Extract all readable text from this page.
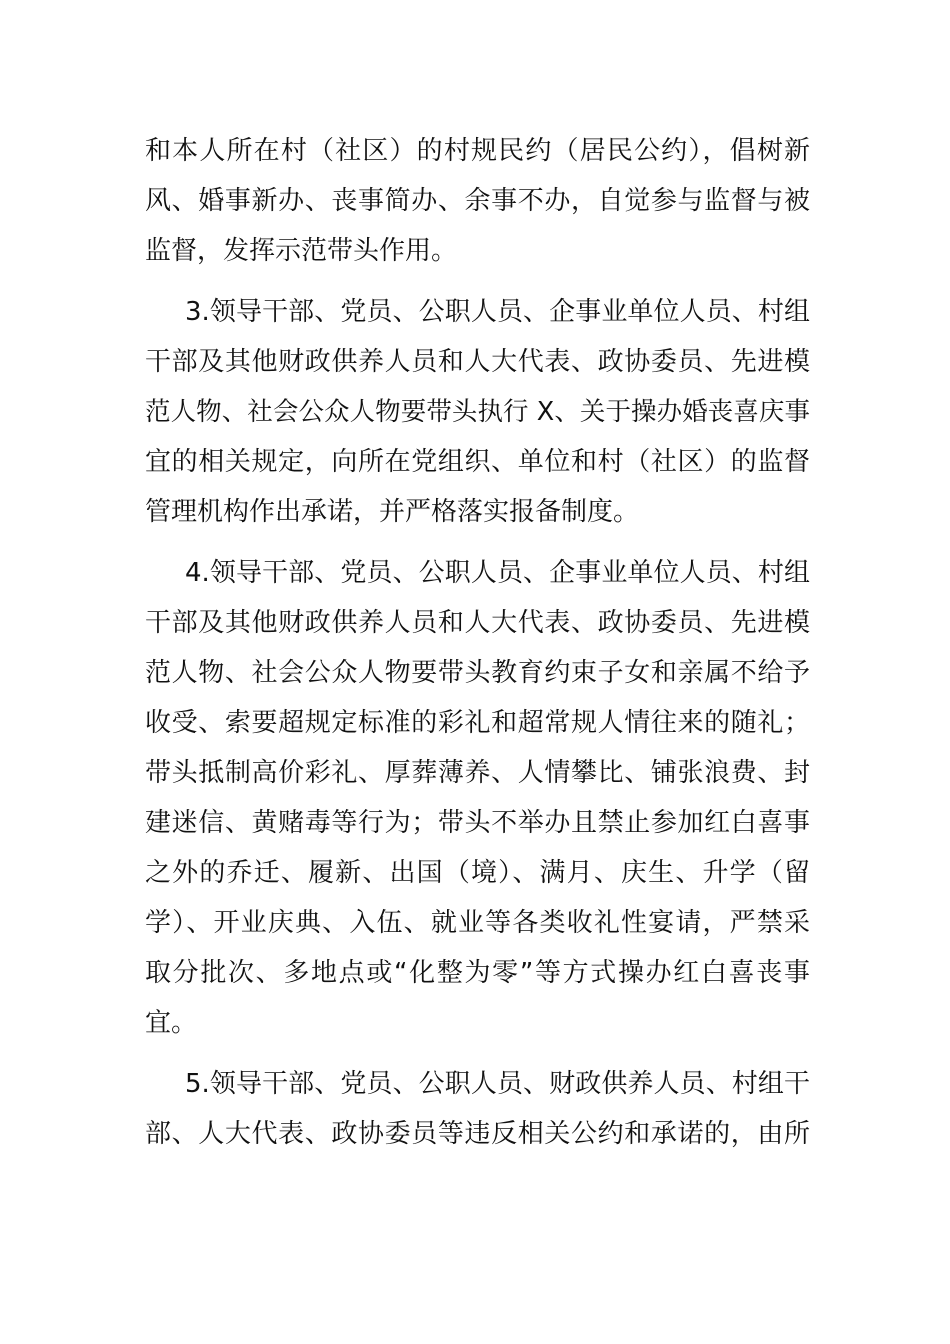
和本人所在村（社区）的村规民约（居民公约），倡树新
风、婚事新办、丧事简办、余事不办，自觉参与监督与被
监督，发挥示范带头作用。
3.领导干部、党员、公职人员、企事业单位人员、村组
干部及其他财政供养人员和人大代表、政协委员、先进模
范人物、社会公众人物要带头执行 X、关于操办婚丧喜庆事
宜的相关规定，向所在党组织、单位和村（社区）的监督
管理机构作出承诺，并严格落实报备制度。
4.领导干部、党员、公职人员、企事业单位人员、村组
干部及其他财政供养人员和人大代表、政协委员、先进模
范人物、社会公众人物要带头教育约束子女和亲属不给予
收受、索要超规定标准的彩礼和超常规人情往来的随礼；
带头抵制高价彩礼、厚葬薄养、人情攀比、铺张浪费、封
建迷信、黄赌毒等行为；带头不举办且禁止参加红白喜事
之外的乔迁、履新、出国（境）、满月、庆生、升学（留
学）、开业庆典、入伍、就业等各类收礼性宴请，严禁采
取分批次、多地点或“化整为零”等方式操办红白喜丧事
宜。
5.领导干部、党员、公职人员、财政供养人员、村组干
部、人大代表、政协委员等违反相关公约和承诺的，由所
